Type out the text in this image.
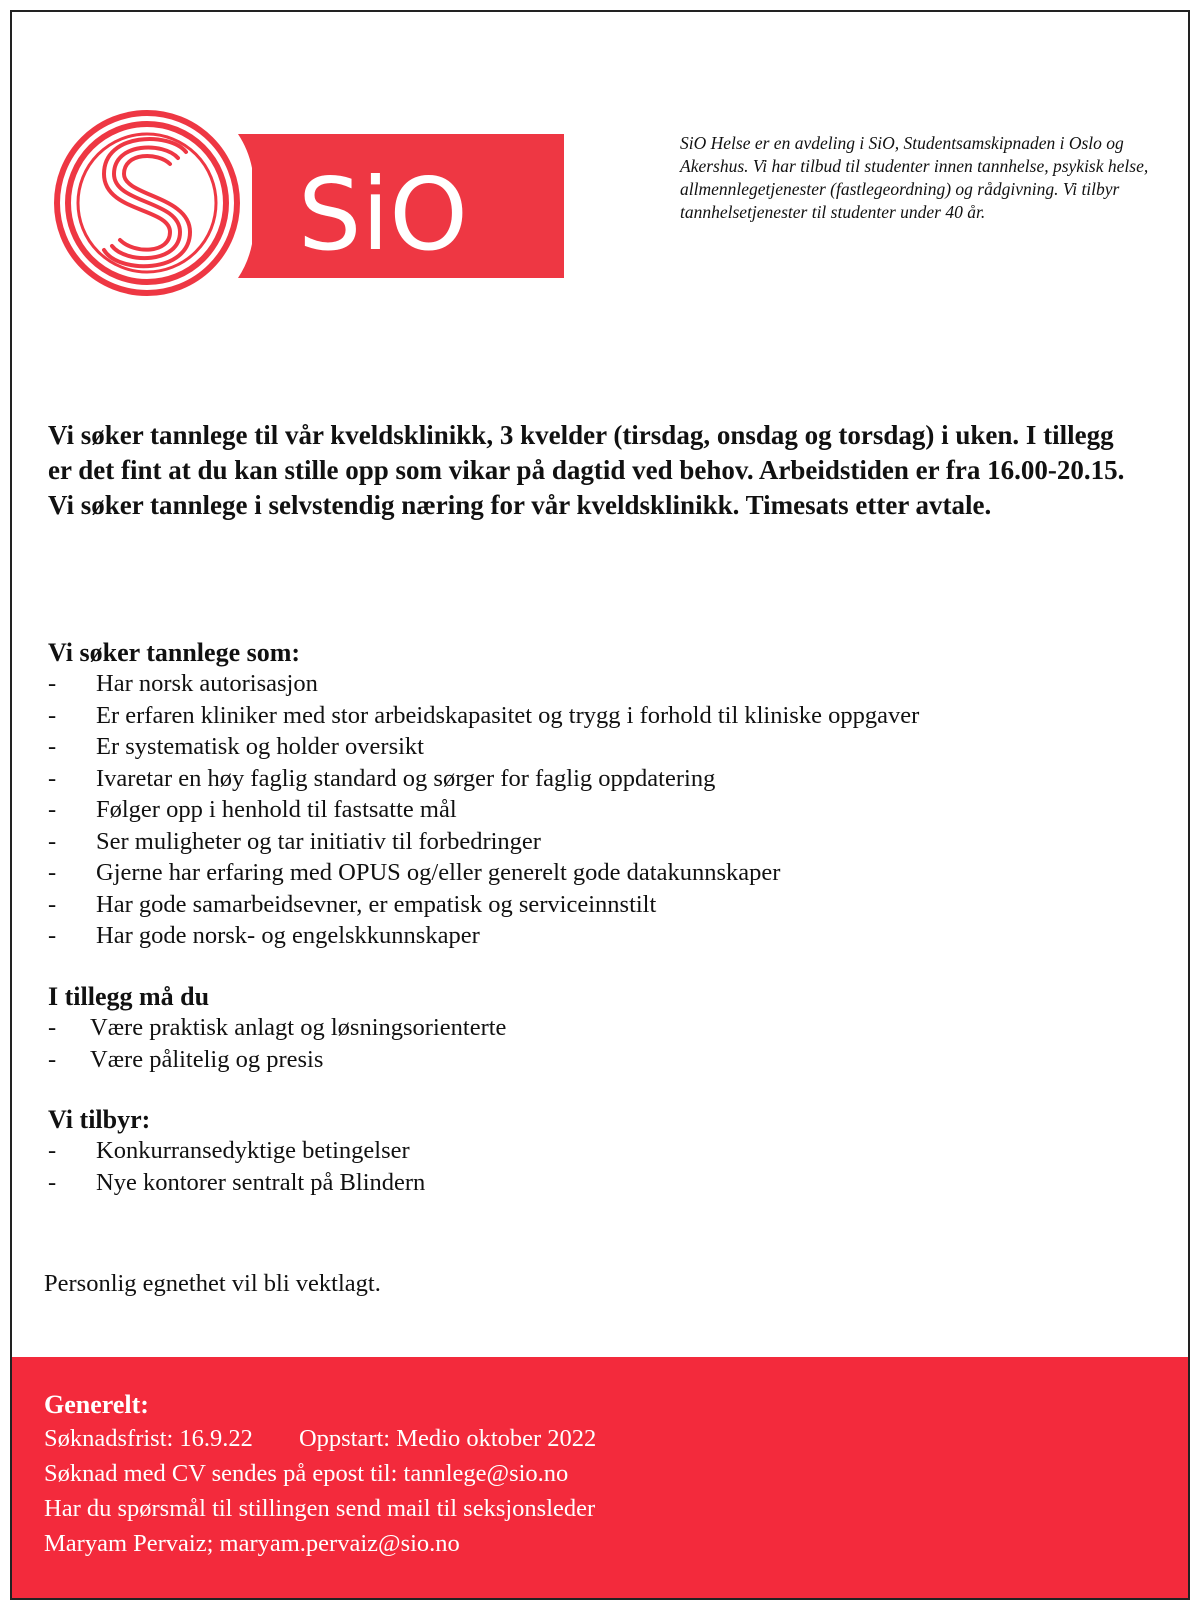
SiO
SiO Helse er en avdeling i SiO, Studentsamskipnaden i Oslo og Akershus. Vi har tilbud til studenter innen tannhelse, psykisk helse, allmennlegetjenester (fastlegeordning) og rådgivning. Vi tilbyr tannhelsetjenester til studenter under 40 år.
Vi søker tannlege til vår kveldsklinikk, 3 kvelder (tirsdag, onsdag og torsdag) i uken. I tillegg er det fint at du kan stille opp som vikar på dagtid ved behov. Arbeidstiden er fra 16.00-20.15. Vi søker tannlege i selvstendig næring for vår kveldsklinikk. Timesats etter avtale.
Vi søker tannlege som:
- Har norsk autorisasjon
- Er erfaren kliniker med stor arbeidskapasitet og trygg i forhold til kliniske oppgaver
- Er systematisk og holder oversikt
- Ivaretar en høy faglig standard og sørger for faglig oppdatering
- Følger opp i henhold til fastsatte mål
- Ser muligheter og tar initiativ til forbedringer
- Gjerne har erfaring med OPUS og/eller generelt gode datakunnskaper
- Har gode samarbeidsevner, er empatisk og serviceinnstilt
- Har gode norsk- og engelskkunnskaper
I tillegg må du
- Være praktisk anlagt og løsningsorienterte
- Være pålitelig og presis
Vi tilbyr:
- Konkurransedyktige betingelser
- Nye kontorer sentralt på Blindern
Personlig egnethet vil bli vektlagt.
Generelt:

Søknadsfrist: 16.9.22 Oppstart: Medio oktober 2022

Søknad med CV sendes på epost til: tannlege@sio.no

Har du spørsmål til stillingen send mail til seksjonsleder

Maryam Pervaiz; maryam.pervaiz@sio.no
